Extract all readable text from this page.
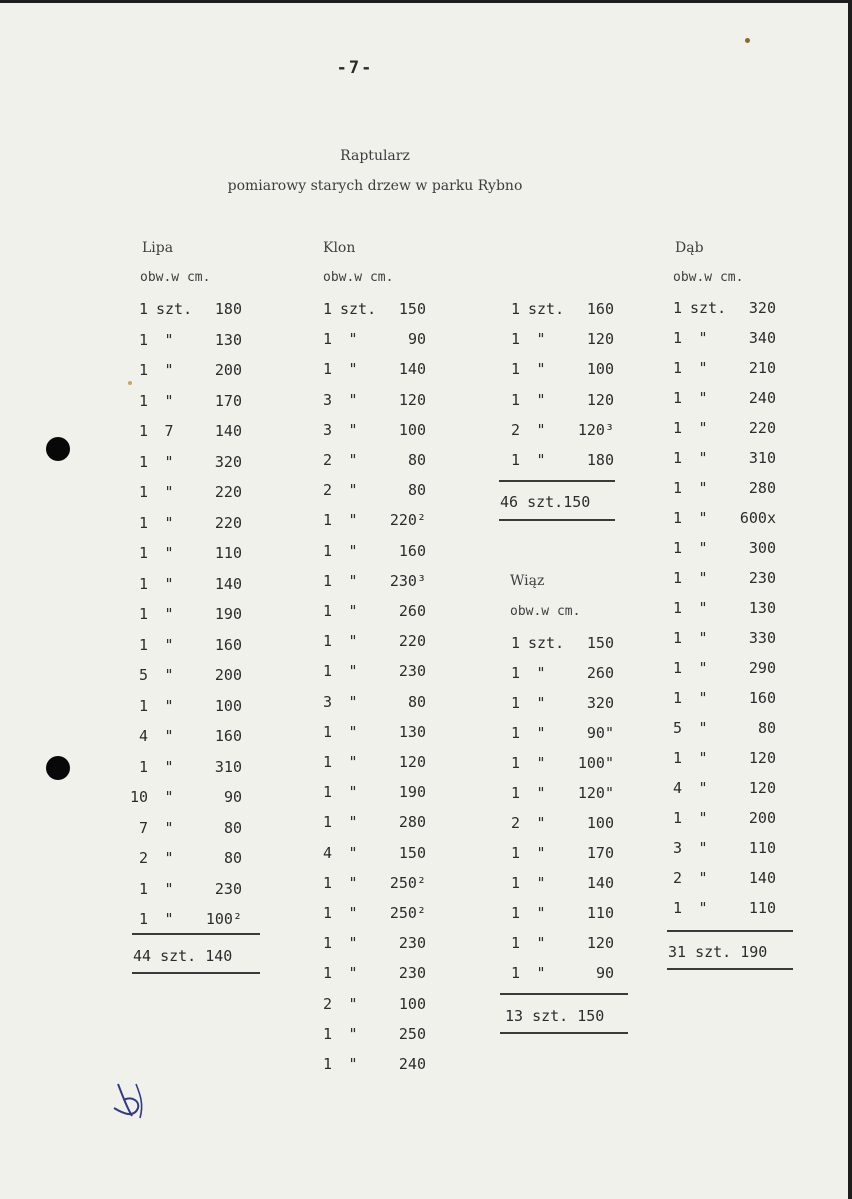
-7-
Raptularz
pomiarowy starych drzew w parku Rybno
Lipa
obw.w cm.
Klon
obw.w cm.
Dąb
obw.w cm.
Wiąz
obw.w cm.
1 szt.	180
1	"	130
1	"	200
1	"	170
1	7	140
1	"	320
1	"	220
1	"	220
1	"	110
1	"	140
1	"	190
1	"	160
5	"	200
1	"	100
4	"	160
1	"	310
10	"	90
7	"	80
2	"	80
1	"	230
1	"	100²
1 szt.	150
1	"	90
1	"	140
3	"	120
3	"	100
2	"	80
2	"	80
1	"	220²
1	"	160
1	"	230³
1	"	260
1	"	220
1	"	230
3	"	80
1	"	130
1	"	120
1	"	190
1	"	280
4	"	150
1	"	250²
1	"	250²
1	"	230
1	"	230
2	"	100
1	"	250
1	"	240
1 szt.	160
1	"	120
1	"	100
1	"	120
2	"	120³
1	"	180
1 szt.	150
1	"	260
1	"	320
1	"	90"
1	"	100"
1	"	120"
2	"	100
1	"	170
1	"	140
1	"	110
1	"	120
1	"	90
1 szt.	320
1	"	340
1	"	210
1	"	240
1	"	220
1	"	310
1	"	280
1	"	600x
1	"	300
1	"	230
1	"	130
1	"	330
1	"	290
1	"	160
5	"	80
1	"	120
4	"	120
1	"	200
3	"	110
2	"	140
1	"	110
44 szt. 140
46 szt.150
13 szt. 150
31 szt. 190
